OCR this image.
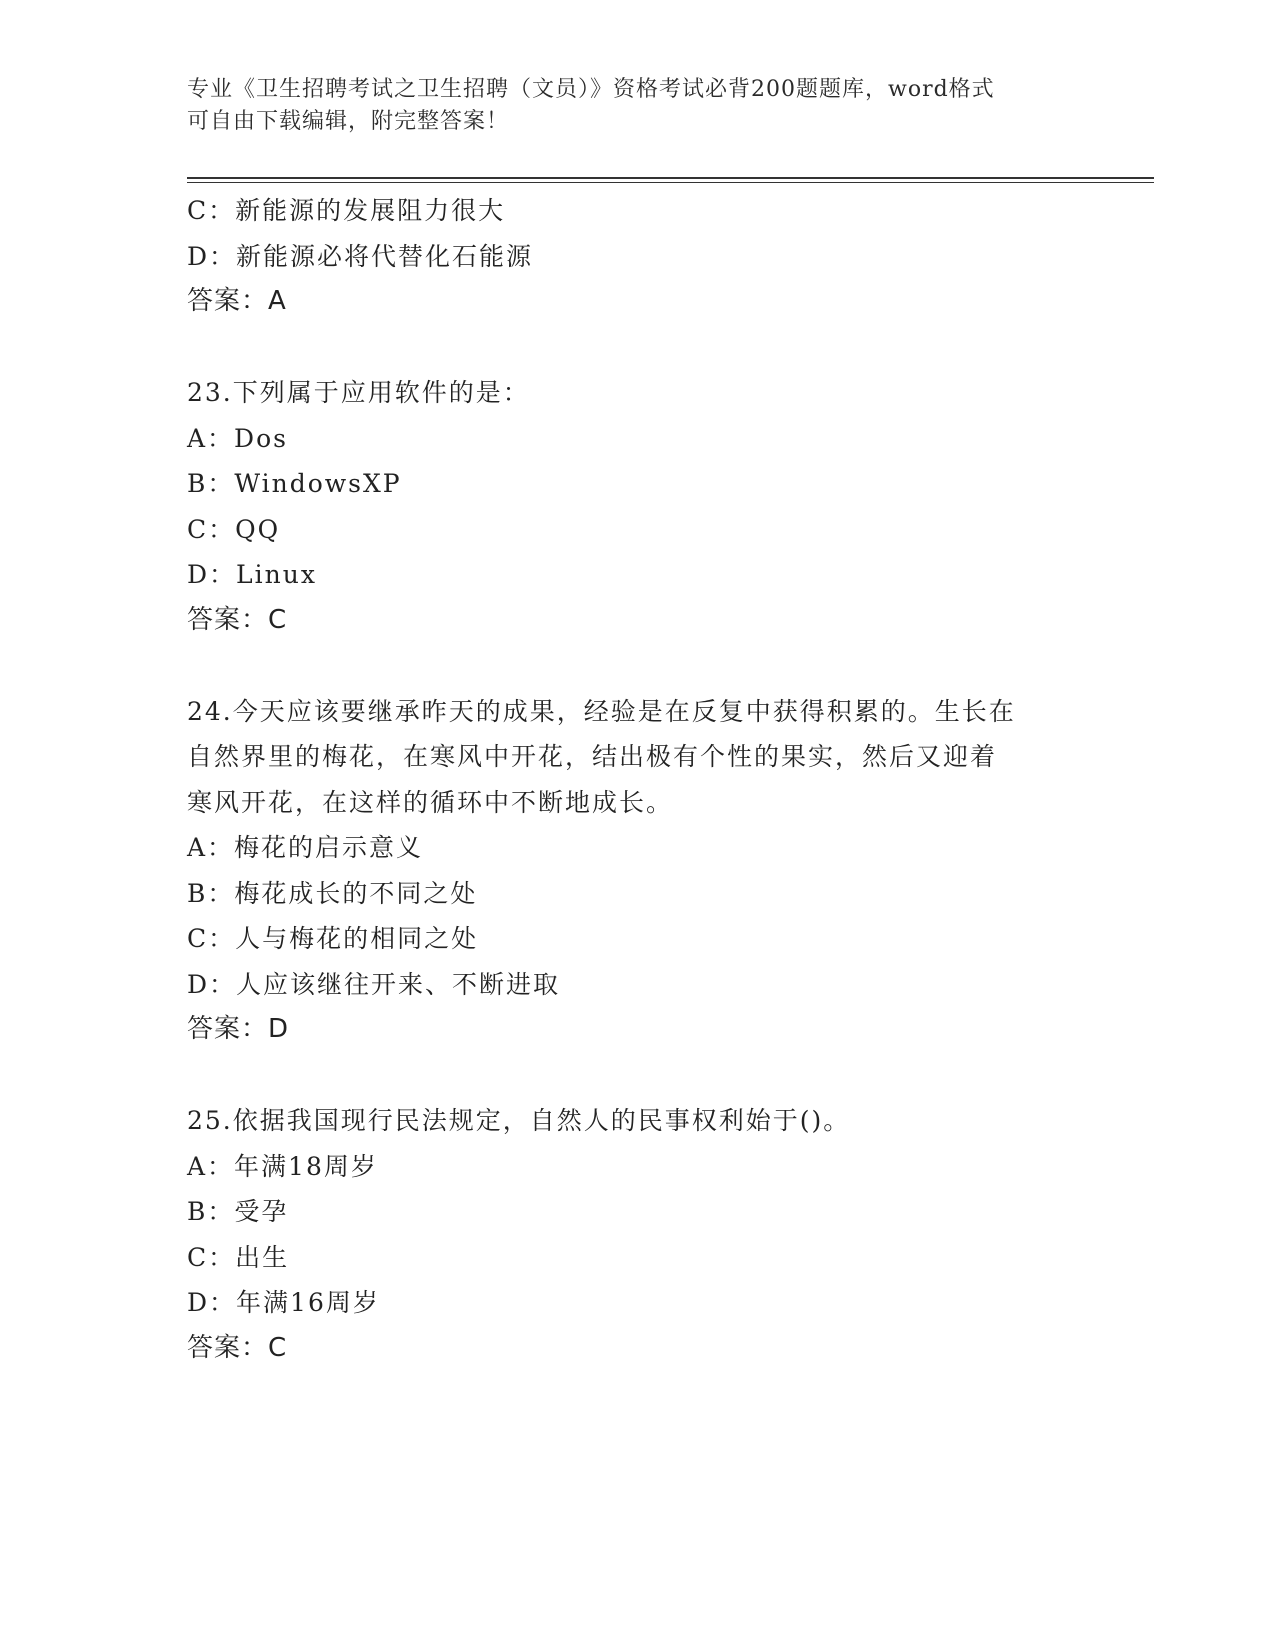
专业《卫生招聘考试之卫生招聘（文员）》资格考试必背200题题库，word格式

可自由下载编辑，附完整答案！

C：新能源的发展阻力很大
D：新能源必将代替化石能源
答案：A
23.下列属于应用软件的是：
A：Dos
B：WindowsXP
C：QQ
D：Linux
答案：C
24.今天应该要继承昨天的成果，经验是在反复中获得积累的。生长在
自然界里的梅花，在寒风中开花，结出极有个性的果实，然后又迎着
寒风开花，在这样的循环中不断地成长。
A：梅花的启示意义
B：梅花成长的不同之处
C：人与梅花的相同之处
D：人应该继往开来、不断进取
答案：D
25.依据我国现行民法规定，自然人的民事权利始于()。
A：年满18周岁
B：受孕
C：出生
D：年满16周岁
答案：C
